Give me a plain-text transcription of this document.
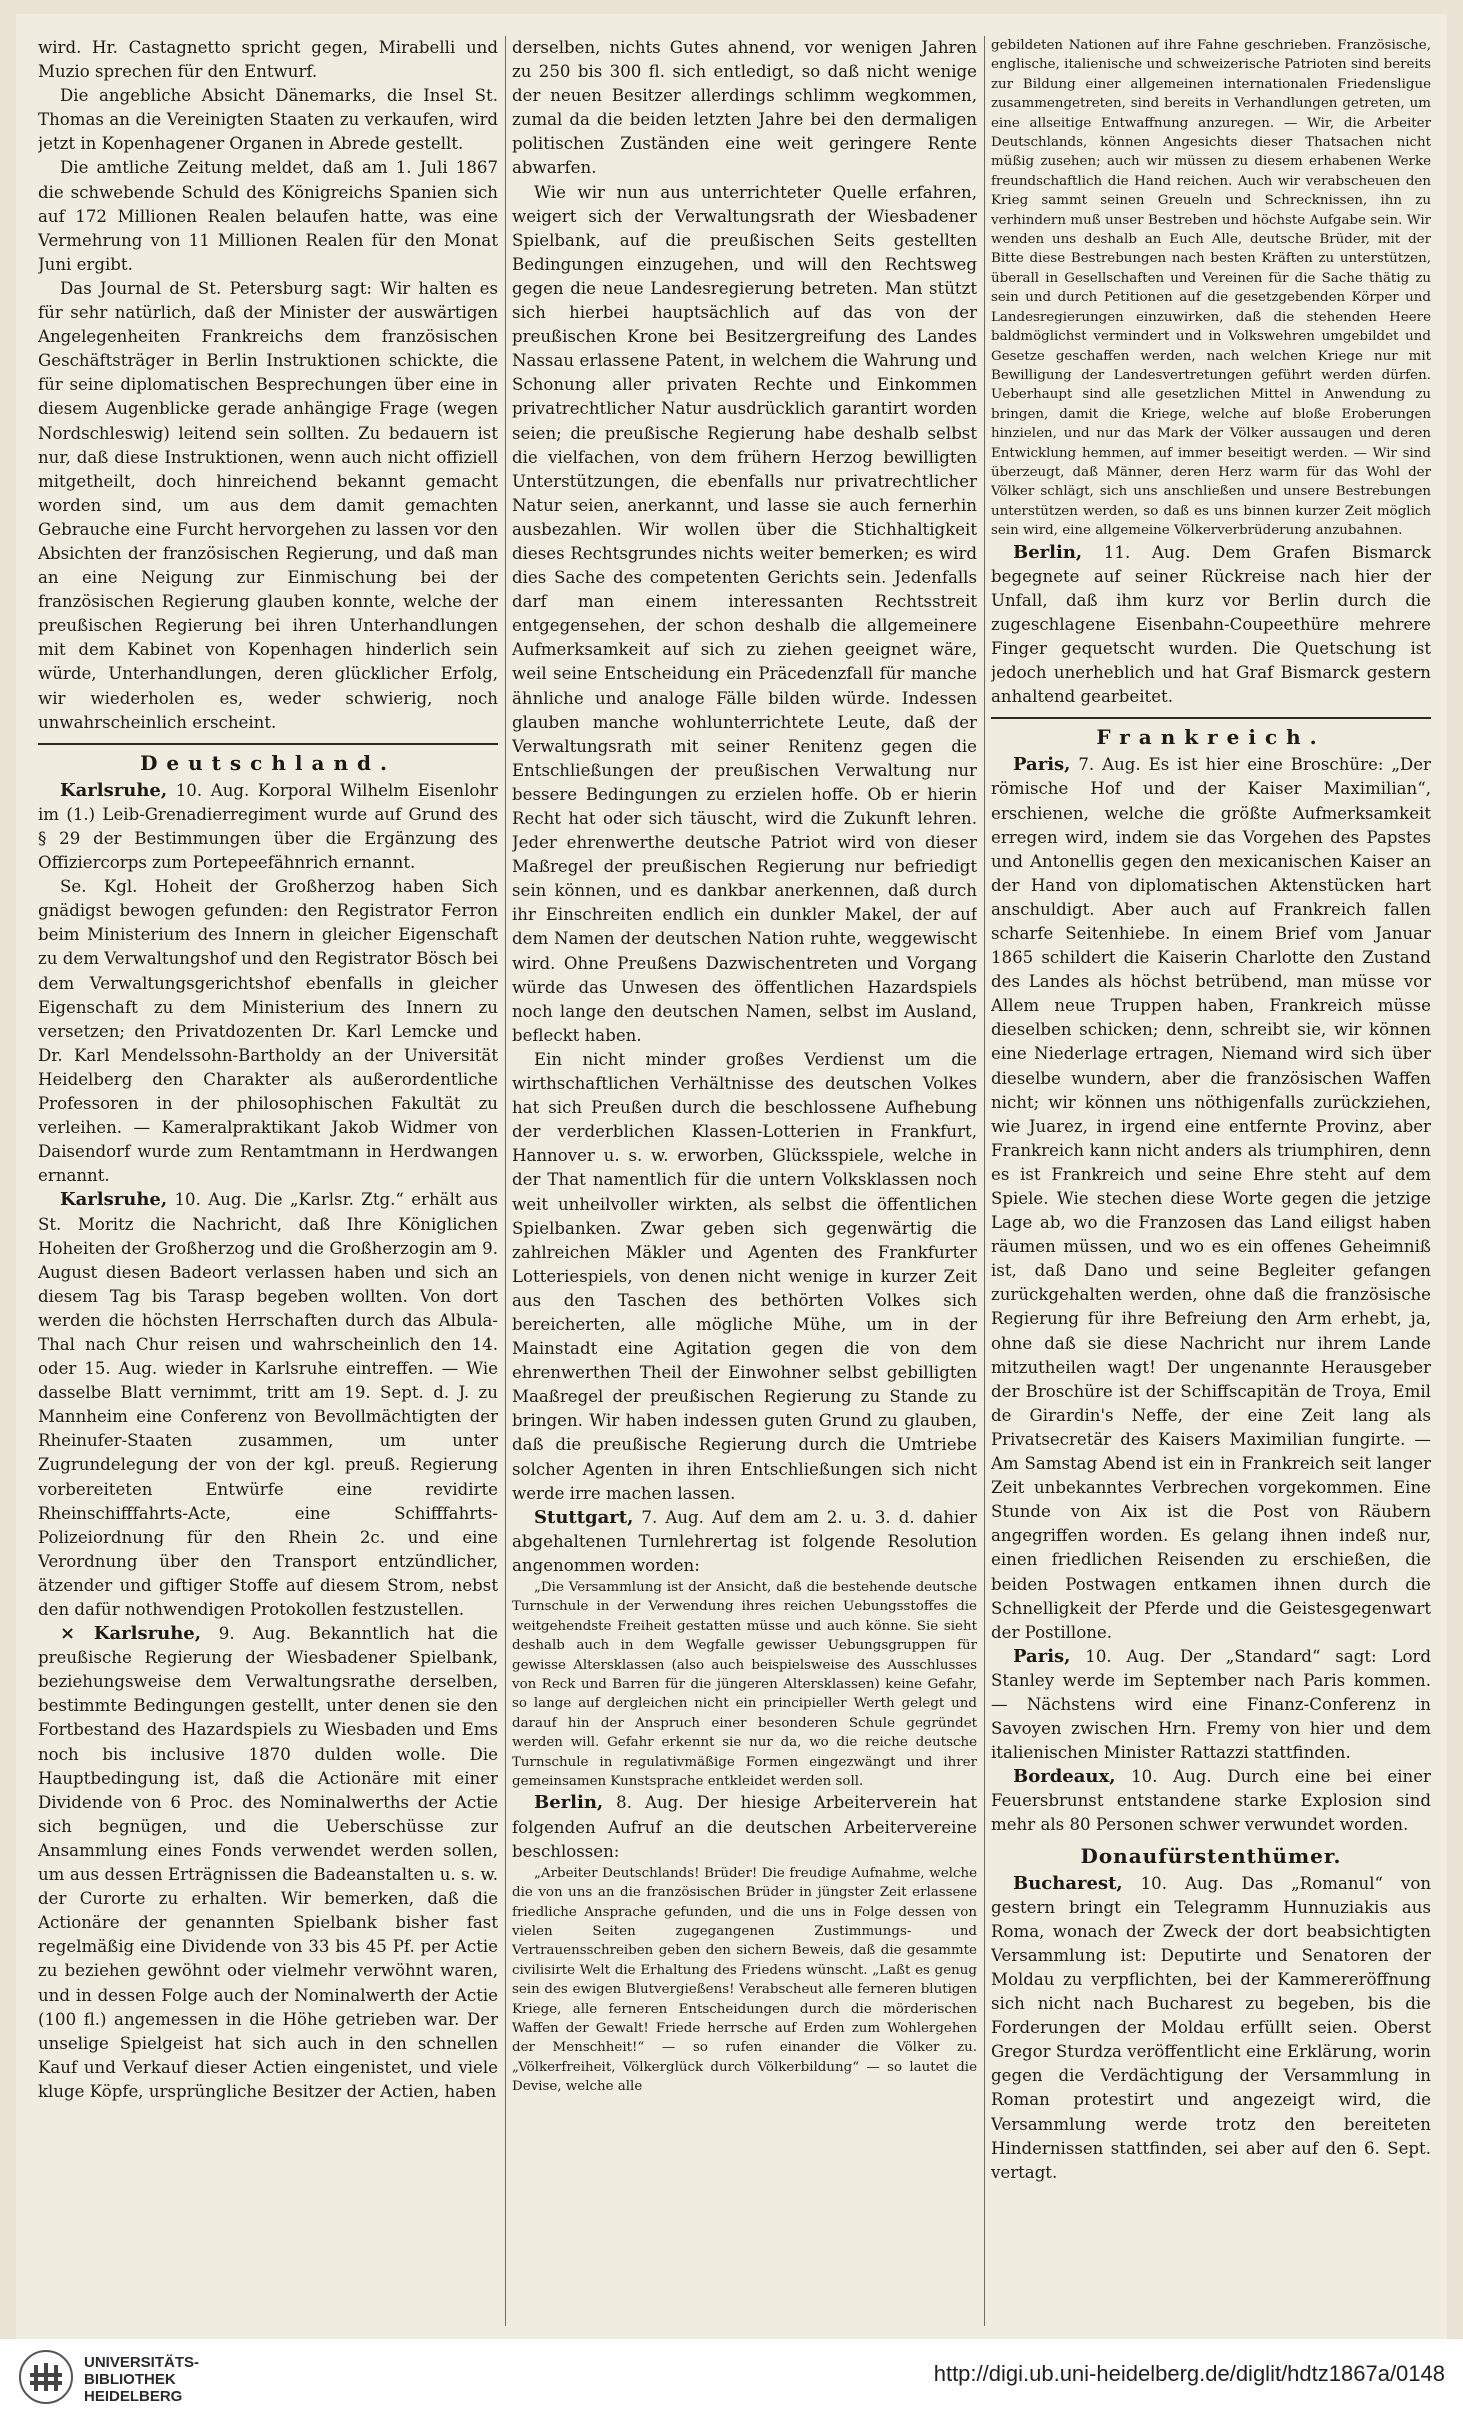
wird. Hr. Castagnetto spricht gegen, Mirabelli und Muzio sprechen für den Entwurf.

Die angebliche Absicht Dänemarks, die Insel St. Thomas an die Vereinigten Staaten zu verkaufen, wird jetzt in Kopenhagener Organen in Abrede gestellt.

Die amtliche Zeitung meldet, daß am 1. Juli 1867 die schwebende Schuld des Königreichs Spanien sich auf 172 Millionen Realen belaufen hatte, was eine Vermehrung von 11 Millionen Realen für den Monat Juni ergibt.

Das Journal de St. Petersburg sagt: Wir halten es für sehr natürlich, daß der Minister der auswärtigen Angelegenheiten Frankreichs dem französischen Geschäftsträger in Berlin Instruktionen schickte, die für seine diplomatischen Besprechungen über eine in diesem Augenblicke gerade anhängige Frage (wegen Nordschleswig) leitend sein sollten. Zu bedauern ist nur, daß diese Instruktionen, wenn auch nicht offiziell mitgetheilt, doch hinreichend bekannt gemacht worden sind, um aus dem damit gemachten Gebrauche eine Furcht hervorgehen zu lassen vor den Absichten der französischen Regierung, und daß man an eine Neigung zur Einmischung bei der französischen Regierung glauben konnte, welche der preußischen Regierung bei ihren Unterhandlungen mit dem Kabinet von Kopenhagen hinderlich sein würde, Unterhandlungen, deren glücklicher Erfolg, wir wiederholen es, weder schwierig, noch unwahrscheinlich erscheint.

Deutschland.

Karlsruhe, 10. Aug. Korporal Wilhelm Eisenlohr im (1.) Leib-Grenadierregiment wurde auf Grund des § 29 der Bestimmungen über die Ergänzung des Offiziercorps zum Portepeefähnrich ernannt.

Se. Kgl. Hoheit der Großherzog haben Sich gnädigst bewogen gefunden: den Registrator Ferron beim Ministerium des Innern in gleicher Eigenschaft zu dem Verwaltungshof und den Registrator Bösch bei dem Verwaltungsgerichtshof ebenfalls in gleicher Eigenschaft zu dem Ministerium des Innern zu versetzen; den Privatdozenten Dr. Karl Lemcke und Dr. Karl Mendelssohn-Bartholdy an der Universität Heidelberg den Charakter als außerordentliche Professoren in der philosophischen Fakultät zu verleihen. — Kameralpraktikant Jakob Widmer von Daisendorf wurde zum Rentamtmann in Herdwangen ernannt.

Karlsruhe, 10. Aug. Die „Karlsr. Ztg.“ erhält aus St. Moritz die Nachricht, daß Ihre Königlichen Hoheiten der Großherzog und die Großherzogin am 9. August diesen Badeort verlassen haben und sich an diesem Tag bis Tarasp begeben wollten. Von dort werden die höchsten Herrschaften durch das Albula-Thal nach Chur reisen und wahrscheinlich den 14. oder 15. Aug. wieder in Karlsruhe eintreffen. — Wie dasselbe Blatt vernimmt, tritt am 19. Sept. d. J. zu Mannheim eine Conferenz von Bevollmächtigten der Rheinufer-Staaten zusammen, um unter Zugrundelegung der von der kgl. preuß. Regierung vorbereiteten Entwürfe eine revidirte Rheinschifffahrts-Acte, eine Schifffahrts-Polizeiordnung für den Rhein 2c. und eine Verordnung über den Transport entzündlicher, ätzender und giftiger Stoffe auf diesem Strom, nebst den dafür nothwendigen Protokollen festzustellen.

× Karlsruhe, 9. Aug. Bekanntlich hat die preußische Regierung der Wiesbadener Spielbank, beziehungsweise dem Verwaltungsrathe derselben, bestimmte Bedingungen gestellt, unter denen sie den Fortbestand des Hazardspiels zu Wiesbaden und Ems noch bis inclusive 1870 dulden wolle. Die Hauptbedingung ist, daß die Actionäre mit einer Dividende von 6 Proc. des Nominalwerths der Actie sich begnügen, und die Ueberschüsse zur Ansammlung eines Fonds verwendet werden sollen, um aus dessen Erträgnissen die Badeanstalten u. s. w. der Curorte zu erhalten. Wir bemerken, daß die Actionäre der genannten Spielbank bisher fast regelmäßig eine Dividende von 33 bis 45 Pf. per Actie zu beziehen gewöhnt oder vielmehr verwöhnt waren, und in dessen Folge auch der Nominalwerth der Actie (100 fl.) angemessen in die Höhe getrieben war. Der unselige Spielgeist hat sich auch in den schnellen Kauf und Verkauf dieser Actien eingenistet, und viele kluge Köpfe, ursprüngliche Besitzer der Actien, haben

derselben, nichts Gutes ahnend, vor wenigen Jahren zu 250 bis 300 fl. sich entledigt, so daß nicht wenige der neuen Besitzer allerdings schlimm wegkommen, zumal da die beiden letzten Jahre bei den dermaligen politischen Zuständen eine weit geringere Rente abwarfen.

Wie wir nun aus unterrichteter Quelle erfahren, weigert sich der Verwaltungsrath der Wiesbadener Spielbank, auf die preußischen Seits gestellten Bedingungen einzugehen, und will den Rechtsweg gegen die neue Landesregierung betreten. Man stützt sich hierbei hauptsächlich auf das von der preußischen Krone bei Besitzergreifung des Landes Nassau erlassene Patent, in welchem die Wahrung und Schonung aller privaten Rechte und Einkommen privatrechtlicher Natur ausdrücklich garantirt worden seien; die preußische Regierung habe deshalb selbst die vielfachen, von dem frühern Herzog bewilligten Unterstützungen, die ebenfalls nur privatrechtlicher Natur seien, anerkannt, und lasse sie auch fernerhin ausbezahlen. Wir wollen über die Stichhaltigkeit dieses Rechtsgrundes nichts weiter bemerken; es wird dies Sache des competenten Gerichts sein. Jedenfalls darf man einem interessanten Rechtsstreit entgegensehen, der schon deshalb die allgemeinere Aufmerksamkeit auf sich zu ziehen geeignet wäre, weil seine Entscheidung ein Präcedenzfall für manche ähnliche und analoge Fälle bilden würde. Indessen glauben manche wohlunterrichtete Leute, daß der Verwaltungsrath mit seiner Renitenz gegen die Entschließungen der preußischen Verwaltung nur bessere Bedingungen zu erzielen hoffe. Ob er hierin Recht hat oder sich täuscht, wird die Zukunft lehren. Jeder ehrenwerthe deutsche Patriot wird von dieser Maßregel der preußischen Regierung nur befriedigt sein können, und es dankbar anerkennen, daß durch ihr Einschreiten endlich ein dunkler Makel, der auf dem Namen der deutschen Nation ruhte, weggewischt wird. Ohne Preußens Dazwischentreten und Vorgang würde das Unwesen des öffentlichen Hazardspiels noch lange den deutschen Namen, selbst im Ausland, befleckt haben.

Ein nicht minder großes Verdienst um die wirthschaftlichen Verhältnisse des deutschen Volkes hat sich Preußen durch die beschlossene Aufhebung der verderblichen Klassen-Lotterien in Frankfurt, Hannover u. s. w. erworben, Glücksspiele, welche in der That namentlich für die untern Volksklassen noch weit unheilvoller wirkten, als selbst die öffentlichen Spielbanken. Zwar geben sich gegenwärtig die zahlreichen Mäkler und Agenten des Frankfurter Lotteriespiels, von denen nicht wenige in kurzer Zeit aus den Taschen des bethörten Volkes sich bereicherten, alle mögliche Mühe, um in der Mainstadt eine Agitation gegen die von dem ehrenwerthen Theil der Einwohner selbst gebilligten Maaßregel der preußischen Regierung zu Stande zu bringen. Wir haben indessen guten Grund zu glauben, daß die preußische Regierung durch die Umtriebe solcher Agenten in ihren Entschließungen sich nicht werde irre machen lassen.

Stuttgart, 7. Aug. Auf dem am 2. u. 3. d. dahier abgehaltenen Turnlehrertag ist folgende Resolution angenommen worden:

„Die Versammlung ist der Ansicht, daß die bestehende deutsche Turnschule in der Verwendung ihres reichen Uebungsstoffes die weitgehendste Freiheit gestatten müsse und auch könne. Sie sieht deshalb auch in dem Wegfalle gewisser Uebungsgruppen für gewisse Altersklassen (also auch beispielsweise des Ausschlusses von Reck und Barren für die jüngeren Altersklassen) keine Gefahr, so lange auf dergleichen nicht ein principieller Werth gelegt und darauf hin der Anspruch einer besonderen Schule gegründet werden will. Gefahr erkennt sie nur da, wo die reiche deutsche Turnschule in regulativmäßige Formen eingezwängt und ihrer gemeinsamen Kunstsprache entkleidet werden soll.

Berlin, 8. Aug. Der hiesige Arbeiterverein hat folgenden Aufruf an die deutschen Arbeitervereine beschlossen:

„Arbeiter Deutschlands! Brüder! Die freudige Aufnahme, welche die von uns an die französischen Brüder in jüngster Zeit erlassene friedliche Ansprache gefunden, und die uns in Folge dessen von vielen Seiten zugegangenen Zustimmungs- und Vertrauensschreiben geben den sichern Beweis, daß die gesammte civilisirte Welt die Erhaltung des Friedens wünscht. „Laßt es genug sein des ewigen Blutvergießens! Verabscheut alle ferneren blutigen Kriege, alle ferneren Entscheidungen durch die mörderischen Waffen der Gewalt! Friede herrsche auf Erden zum Wohlergehen der Menschheit!“ — so rufen einander die Völker zu. „Völkerfreiheit, Völkerglück durch Völkerbildung“ — so lautet die Devise, welche alle

gebildeten Nationen auf ihre Fahne geschrieben. Französische, englische, italienische und schweizerische Patrioten sind bereits zur Bildung einer allgemeinen internationalen Friedensligue zusammengetreten, sind bereits in Verhandlungen getreten, um eine allseitige Entwaffnung anzuregen. — Wir, die Arbeiter Deutschlands, können Angesichts dieser Thatsachen nicht müßig zusehen; auch wir müssen zu diesem erhabenen Werke freundschaftlich die Hand reichen. Auch wir verabscheuen den Krieg sammt seinen Greueln und Schrecknissen, ihn zu verhindern muß unser Bestreben und höchste Aufgabe sein. Wir wenden uns deshalb an Euch Alle, deutsche Brüder, mit der Bitte diese Bestrebungen nach besten Kräften zu unterstützen, überall in Gesellschaften und Vereinen für die Sache thätig zu sein und durch Petitionen auf die gesetzgebenden Körper und Landesregierungen einzuwirken, daß die stehenden Heere baldmöglichst vermindert und in Volkswehren umgebildet und Gesetze geschaffen werden, nach welchen Kriege nur mit Bewilligung der Landesvertretungen geführt werden dürfen. Ueberhaupt sind alle gesetzlichen Mittel in Anwendung zu bringen, damit die Kriege, welche auf bloße Eroberungen hinzielen, und nur das Mark der Völker aussaugen und deren Entwicklung hemmen, auf immer beseitigt werden. — Wir sind überzeugt, daß Männer, deren Herz warm für das Wohl der Völker schlägt, sich uns anschließen und unsere Bestrebungen unterstützen werden, so daß es uns binnen kurzer Zeit möglich sein wird, eine allgemeine Völkerverbrüderung anzubahnen.

Berlin, 11. Aug. Dem Grafen Bismarck begegnete auf seiner Rückreise nach hier der Unfall, daß ihm kurz vor Berlin durch die zugeschlagene Eisenbahn-Coupeethüre mehrere Finger gequetscht wurden. Die Quetschung ist jedoch unerheblich und hat Graf Bismarck gestern anhaltend gearbeitet.

Frankreich.

Paris, 7. Aug. Es ist hier eine Broschüre: „Der römische Hof und der Kaiser Maximilian“, erschienen, welche die größte Aufmerksamkeit erregen wird, indem sie das Vorgehen des Papstes und Antonellis gegen den mexicanischen Kaiser an der Hand von diplomatischen Aktenstücken hart anschuldigt. Aber auch auf Frankreich fallen scharfe Seitenhiebe. In einem Brief vom Januar 1865 schildert die Kaiserin Charlotte den Zustand des Landes als höchst betrübend, man müsse vor Allem neue Truppen haben, Frankreich müsse dieselben schicken; denn, schreibt sie, wir können eine Niederlage ertragen, Niemand wird sich über dieselbe wundern, aber die französischen Waffen nicht; wir können uns nöthigenfalls zurückziehen, wie Juarez, in irgend eine entfernte Provinz, aber Frankreich kann nicht anders als triumphiren, denn es ist Frankreich und seine Ehre steht auf dem Spiele. Wie stechen diese Worte gegen die jetzige Lage ab, wo die Franzosen das Land eiligst haben räumen müssen, und wo es ein offenes Geheimniß ist, daß Dano und seine Begleiter gefangen zurückgehalten werden, ohne daß die französische Regierung für ihre Befreiung den Arm erhebt, ja, ohne daß sie diese Nachricht nur ihrem Lande mitzutheilen wagt! Der ungenannte Herausgeber der Broschüre ist der Schiffscapitän de Troya, Emil de Girardin's Neffe, der eine Zeit lang als Privatsecretär des Kaisers Maximilian fungirte. — Am Samstag Abend ist ein in Frankreich seit langer Zeit unbekanntes Verbrechen vorgekommen. Eine Stunde von Aix ist die Post von Räubern angegriffen worden. Es gelang ihnen indeß nur, einen friedlichen Reisenden zu erschießen, die beiden Postwagen entkamen ihnen durch die Schnelligkeit der Pferde und die Geistesgegenwart der Postillone.

Paris, 10. Aug. Der „Standard“ sagt: Lord Stanley werde im September nach Paris kommen. — Nächstens wird eine Finanz-Conferenz in Savoyen zwischen Hrn. Fremy von hier und dem italienischen Minister Rattazzi stattfinden.

Bordeaux, 10. Aug. Durch eine bei einer Feuersbrunst entstandene starke Explosion sind mehr als 80 Personen schwer verwundet worden.

Donaufürstenthümer.

Bucharest, 10. Aug. Das „Romanul“ von gestern bringt ein Telegramm Hunnuziakis aus Roma, wonach der Zweck der dort beabsichtigten Versammlung ist: Deputirte und Senatoren der Moldau zu verpflichten, bei der Kammereröffnung sich nicht nach Bucharest zu begeben, bis die Forderungen der Moldau erfüllt seien. Oberst Gregor Sturdza veröffentlicht eine Erklärung, worin gegen die Verdächtigung der Versammlung in Roman protestirt und angezeigt wird, die Versammlung werde trotz den bereiteten Hindernissen stattfinden, sei aber auf den 6. Sept. vertagt.

UNIVERSITÄTS-
BIBLIOTHEK
HEIDELBERG
http://digi.ub.uni-heidelberg.de/diglit/hdtz1867a/0148
